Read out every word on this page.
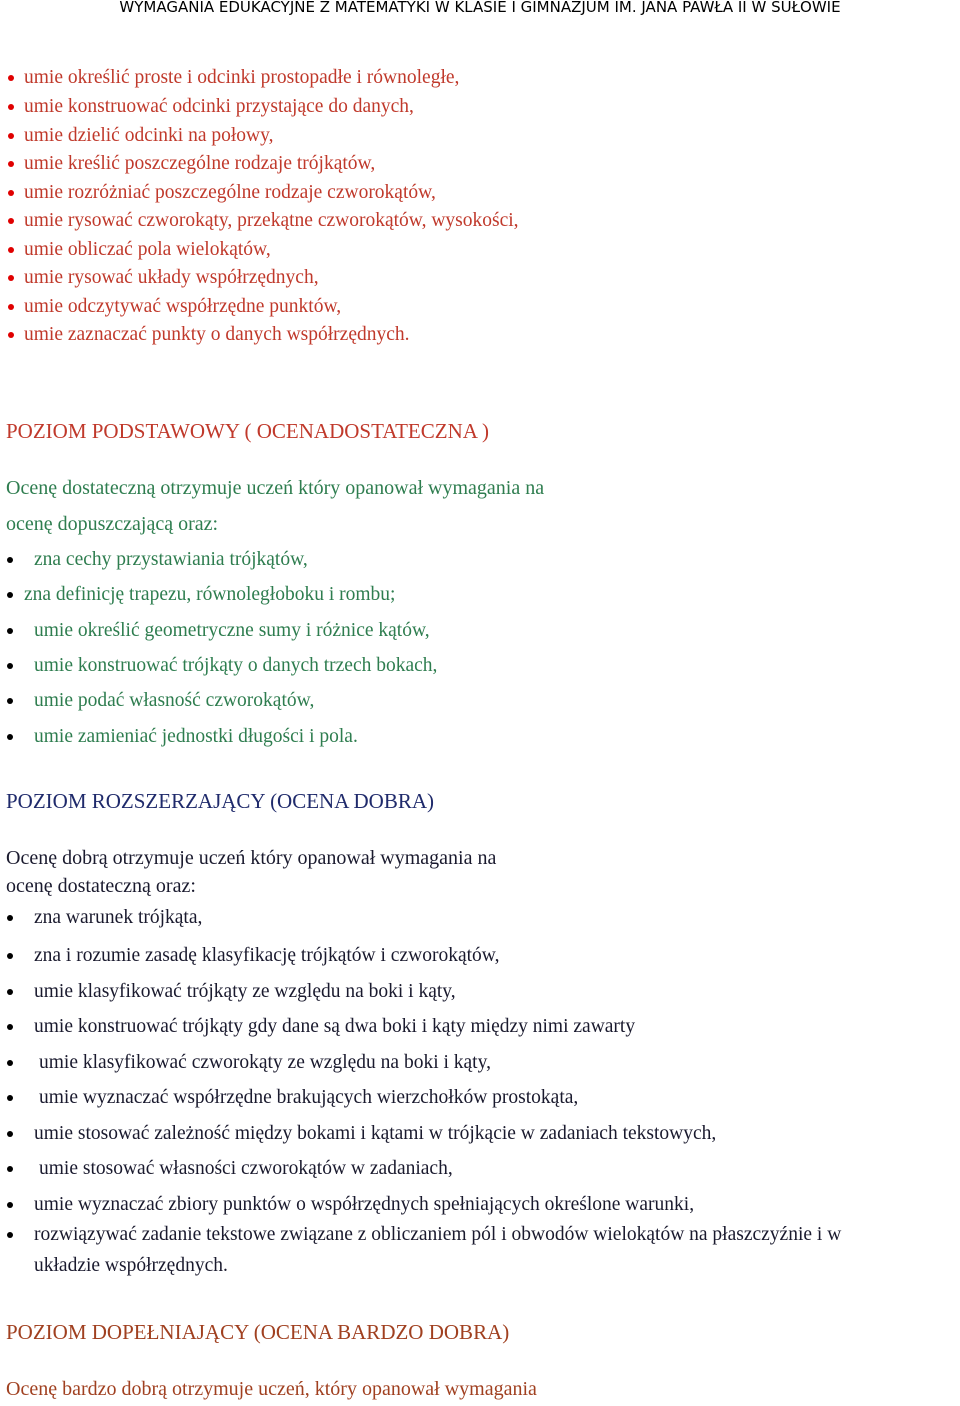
WYMAGANIA EDUKACYJNE Z MATEMATYKI W KLASIE I GIMNAZJUM IM. JANA PAWŁA II W SUŁOWIE
umie określić proste i odcinki prostopadłe i równoległe,
umie konstruować odcinki przystające do danych,
umie dzielić odcinki na połowy,
umie kreślić poszczególne rodzaje trójkątów,
umie rozróżniać poszczególne rodzaje czworokątów,
umie rysować czworokąty, przekątne czworokątów, wysokości,
umie obliczać pola wielokątów,
umie rysować układy współrzędnych,
umie odczytywać współrzędne punktów,
umie zaznaczać punkty o danych współrzędnych.
POZIOM PODSTAWOWY ( OCENADOSTATECZNA )
Ocenę dostateczną otrzymuje uczeń który opanował wymagania na
ocenę dopuszczającą oraz:
zna cechy przystawiania trójkątów,
zna definicję trapezu, równoległoboku i rombu;
umie określić geometryczne sumy i różnice kątów,
umie konstruować trójkąty o danych trzech bokach,
umie podać własność czworokątów,
umie zamieniać jednostki długości i pola.
POZIOM ROZSZERZAJĄCY (OCENA DOBRA)
Ocenę dobrą otrzymuje uczeń który opanował wymagania na
ocenę dostateczną oraz:
zna warunek trójkąta,
zna i rozumie zasadę klasyfikację trójkątów i czworokątów,
umie klasyfikować trójkąty ze względu na boki i kąty,
umie konstruować trójkąty gdy dane są dwa boki i kąty między nimi zawarty
umie klasyfikować czworokąty ze względu na boki i kąty,
umie wyznaczać współrzędne brakujących wierzchołków prostokąta,
umie stosować zależność między bokami i kątami w trójkącie w zadaniach tekstowych,
umie stosować własności czworokątów w zadaniach,
umie wyznaczać zbiory punktów o współrzędnych spełniających określone warunki,
rozwiązywać zadanie tekstowe związane z obliczaniem pól i obwodów wielokątów na płaszczyźnie i w
układzie współrzędnych.
POZIOM DOPEŁNIAJĄCY (OCENA BARDZO DOBRA)
Ocenę bardzo dobrą otrzymuje uczeń, który opanował wymagania
